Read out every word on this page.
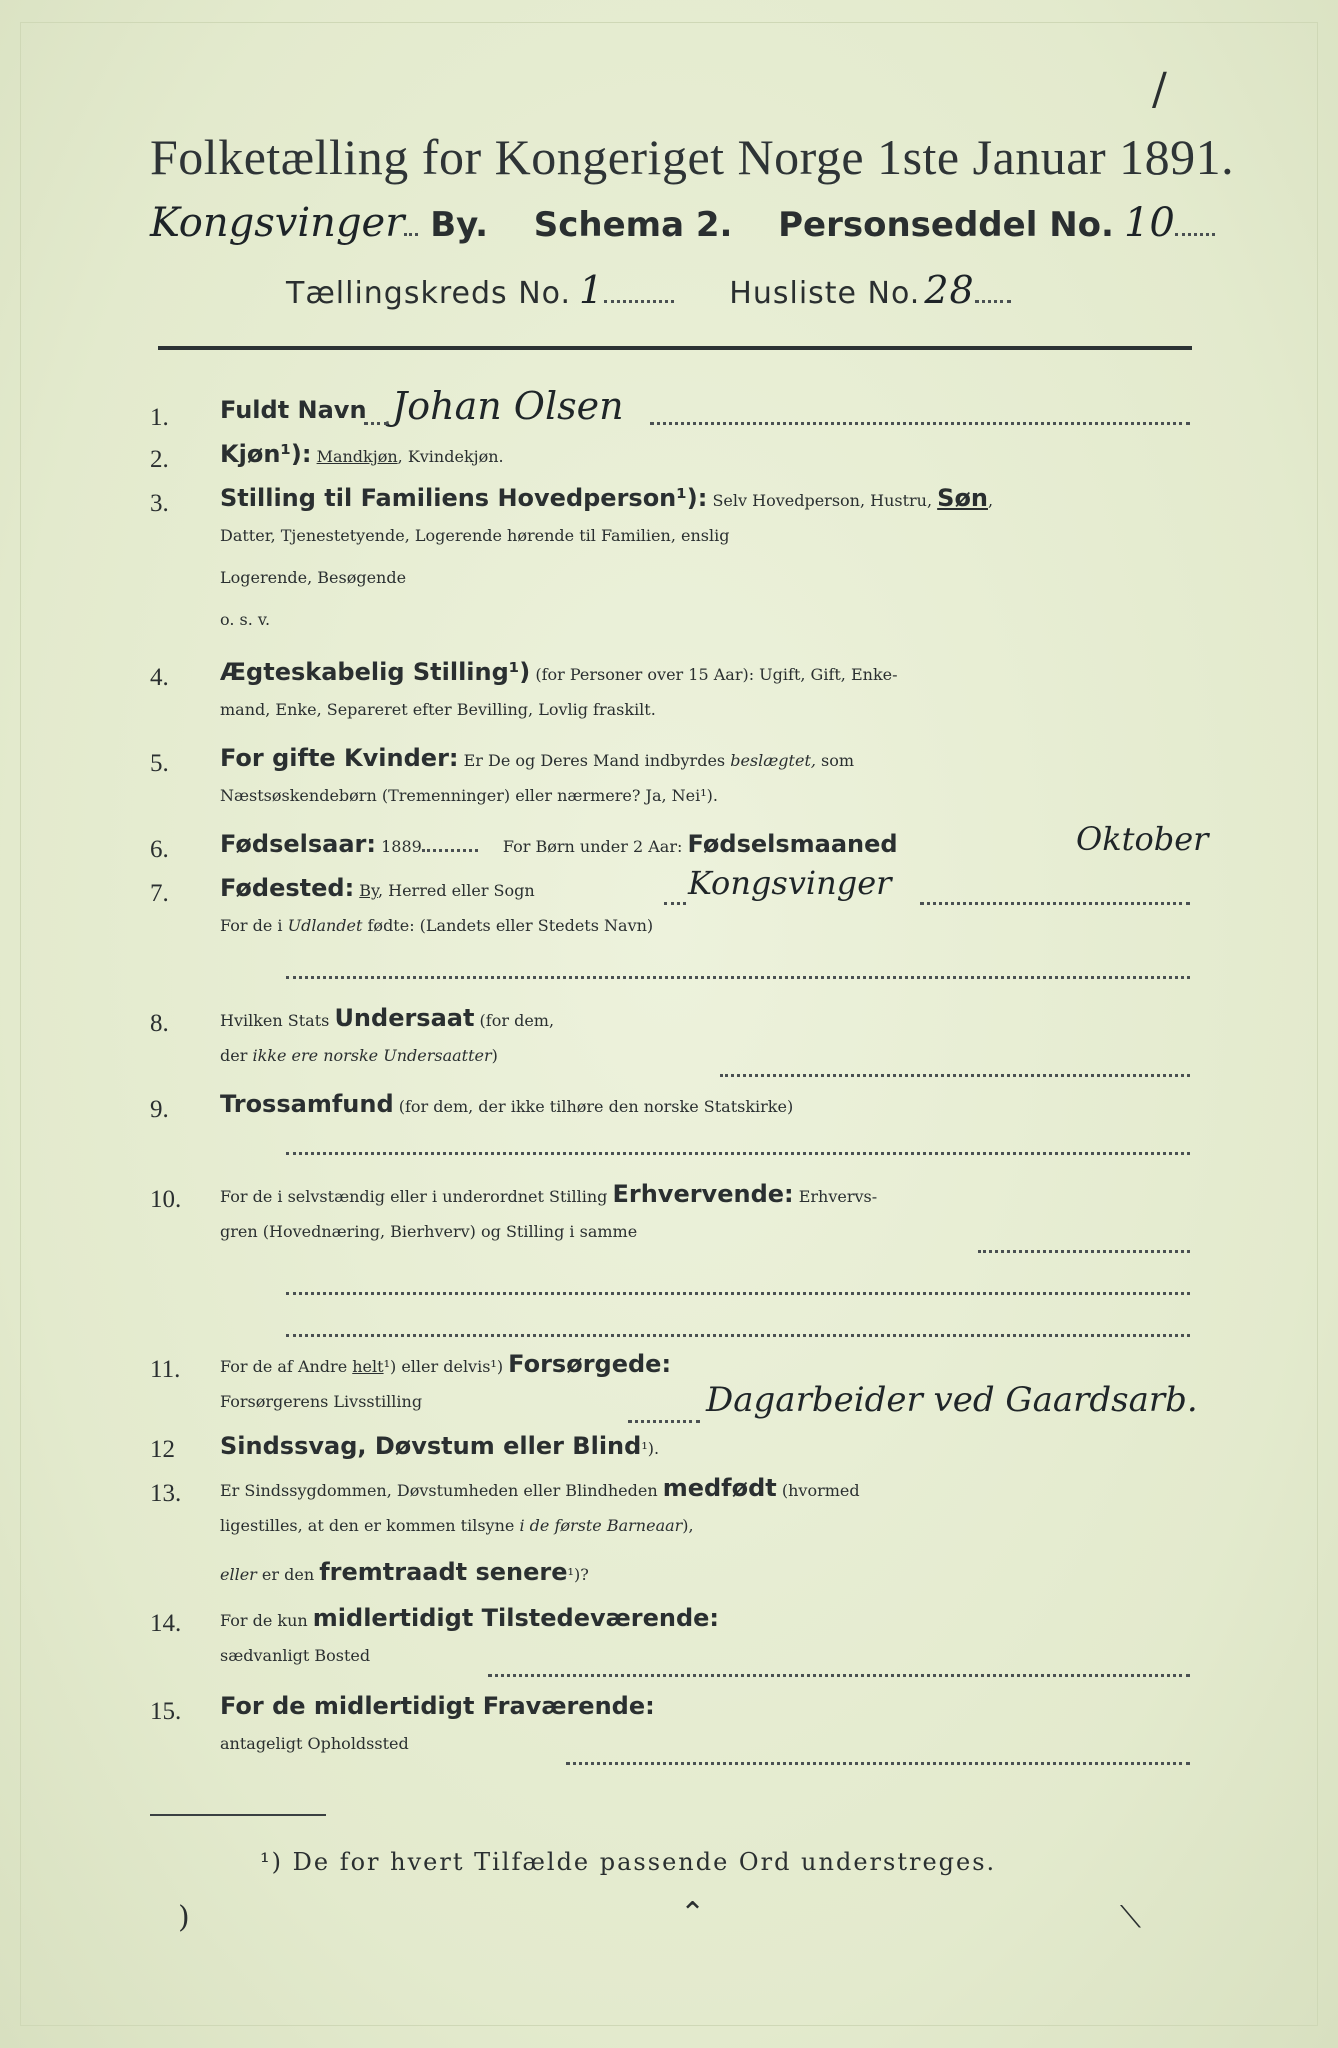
Folketælling for Kongeriget Norge 1ste Januar 1891.
Kongsvinger By. Schema 2. Personseddel No. 10
Tællingskreds No. 1	Husliste No. 28
1.	Fuldt Navn Johan Olsen
2.	Kjøn¹): Mandkjøn, Kvindekjøn.
3.	Stilling til Familiens Hovedperson¹): Selv Hovedperson, Hustru, Søn,
Datter, Tjenestetyende, Logerende hørende til Familien, enslig
Logerende, Besøgende
o. s. v.
4.	Ægteskabelig Stilling¹) (for Personer over 15 Aar): Ugift, Gift, Enke-
mand, Enke, Separeret efter Bevilling, Lovlig fraskilt.
5.	For gifte Kvinder: Er De og Deres Mand indbyrdes beslægtet, som
Næstsøskendebørn (Tremenninger) eller nærmere? Ja, Nei¹).
6.	Fødselsaar: 1889	For Børn under 2 Aar: Fødselsmaaned	Oktober
7.	Fødested: By, Herred eller Sogn	Kongsvinger
For de i Udlandet fødte: (Landets eller Stedets Navn)
8.	Hvilken Stats Undersaat (for dem,
der ikke ere norske Undersaatter)
9.	Trossamfund (for dem, der ikke tilhøre den norske Statskirke)
10.	For de i selvstændig eller i underordnet Stilling Erhvervende: Erhvervs-
gren (Hovednæring, Bierhverv) og Stilling i samme
11.	For de af Andre helt¹) eller delvis¹) Forsørgede:
Forsørgerens Livsstilling	Dagarbeider ved Gaardsarb.
12	Sindssvag, Døvstum eller Blind¹).
13.	Er Sindssygdommen, Døvstumheden eller Blindheden medfødt (hvormed
ligestilles, at den er kommen tilsyne i de første Barneaar),
eller er den fremtraadt senere¹)?
14.	For de kun midlertidigt Tilstedeværende:
sædvanligt Bosted
15.	For de midlertidigt Fraværende:
antageligt Opholdssted
¹) De for hvert Tilfælde passende Ord understreges.
/
)	⌃	⟍
